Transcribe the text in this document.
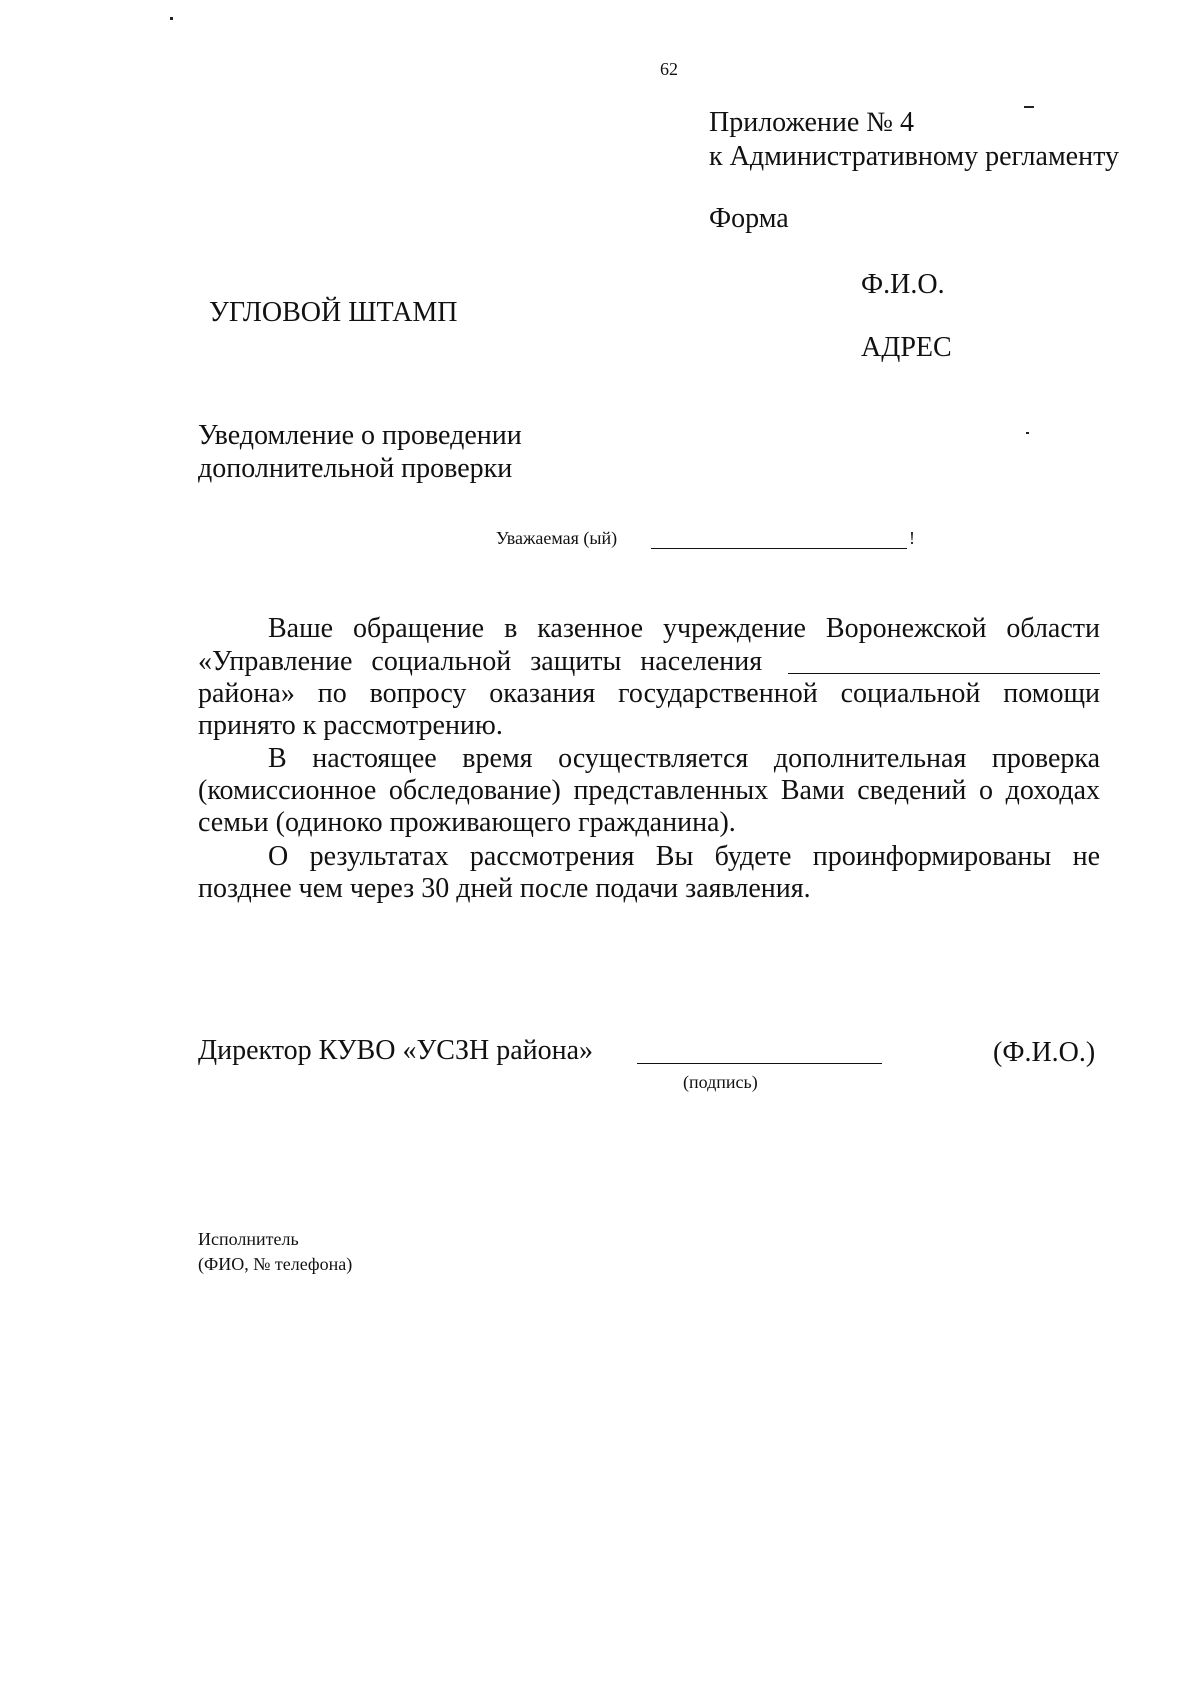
62
Приложение № 4
к Административному регламенту
Форма
УГЛОВОЙ ШТАМП
Ф.И.О.
АДРЕС
Уведомление о проведении
дополнительной проверки
Уважаемая (ый)	!
Ваше обращение в казенное учреждение Воронежской области
«Управление социальной защиты населения
района» по вопросу оказания государственной социальной помощи
принято к рассмотрению.
В настоящее время осуществляется дополнительная проверка
(комиссионное обследование) представленных Вами сведений о доходах
семьи (одиноко проживающего гражданина).
О результатах рассмотрения Вы будете проинформированы не
позднее чем через 30 дней после подачи заявления.
Директор КУВО «УСЗН района»
(подпись)
(Ф.И.О.)
Исполнитель
(ФИО, № телефона)
